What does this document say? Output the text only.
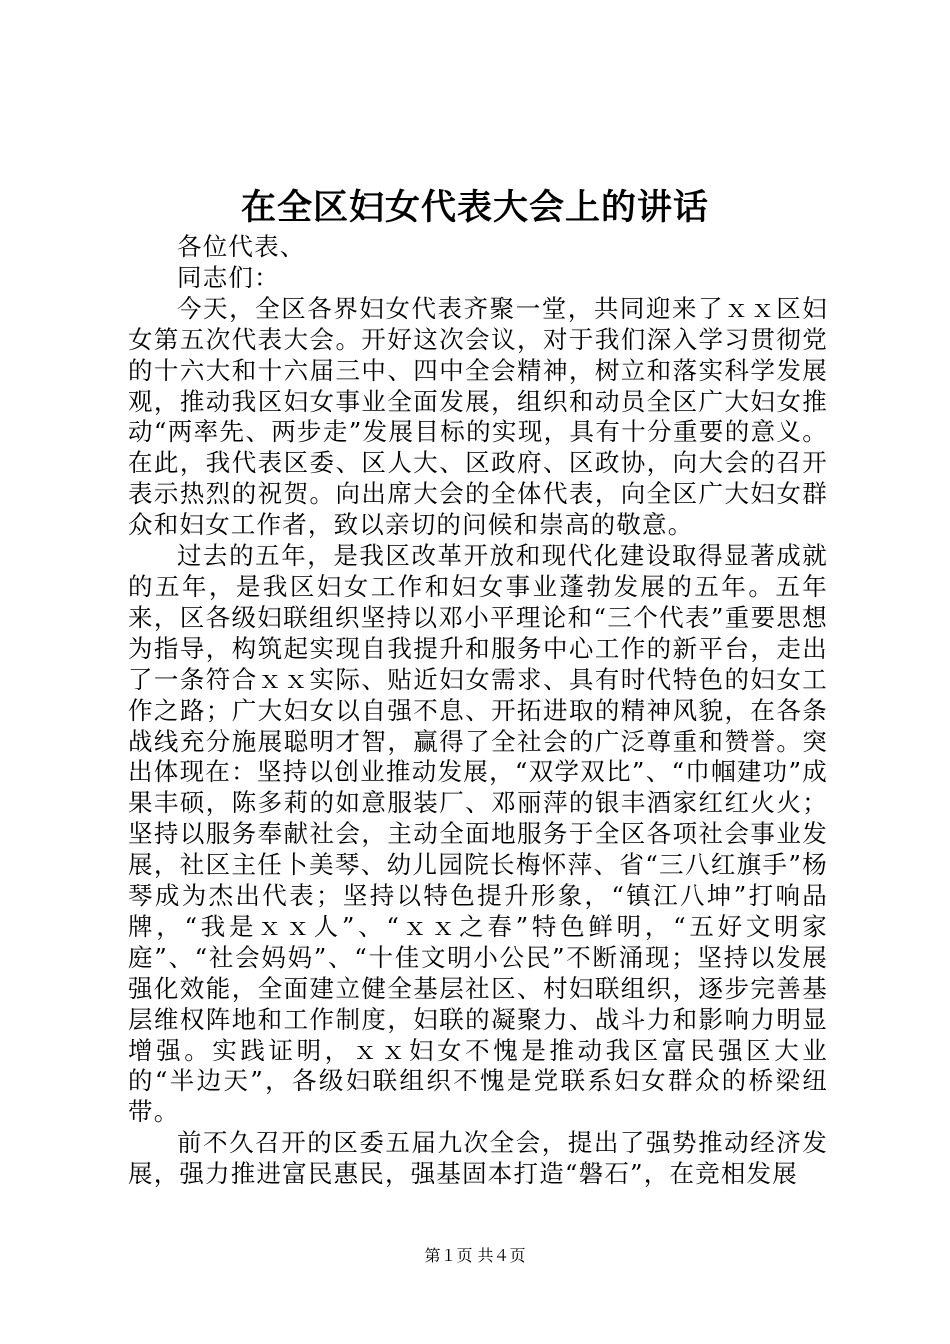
在全区妇女代表大会上的讲话

各位代表、

同志们：

今天，全区各界妇女代表齐聚一堂，共同迎来了ｘｘ区妇女第五次代表大会。开好这次会议，对于我们深入学习贯彻党的十六大和十六届三中、四中全会精神，树立和落实科学发展观，推动我区妇女事业全面发展，组织和动员全区广大妇女推动“两率先、两步走”发展目标的实现，具有十分重要的意义。在此，我代表区委、区人大、区政府、区政协，向大会的召开表示热烈的祝贺。向出席大会的全体代表，向全区广大妇女群众和妇女工作者，致以亲切的问候和崇高的敬意。

过去的五年，是我区改革开放和现代化建设取得显著成就的五年，是我区妇女工作和妇女事业蓬勃发展的五年。五年来，区各级妇联组织坚持以邓小平理论和“三个代表”重要思想为指导，构筑起实现自我提升和服务中心工作的新平台，走出了一条符合ｘｘ实际、贴近妇女需求、具有时代特色的妇女工作之路；广大妇女以自强不息、开拓进取的精神风貌，在各条战线充分施展聪明才智，赢得了全社会的广泛尊重和赞誉。突出体现在：坚持以创业推动发展，“双学双比”、“巾帼建功”成果丰硕，陈多莉的如意服装厂、邓丽萍的银丰酒家红红火火；坚持以服务奉献社会，主动全面地服务于全区各项社会事业发展，社区主任卜美琴、幼儿园院长梅怀萍、省“三八红旗手”杨琴成为杰出代表；坚持以特色提升形象，“镇江八坤”打响品牌，“我是ｘｘ人”、“ｘｘ之春”特色鲜明，“五好文明家庭”、“社会妈妈”、“十佳文明小公民”不断涌现；坚持以发展强化效能，全面建立健全基层社区、村妇联组织，逐步完善基层维权阵地和工作制度，妇联的凝聚力、战斗力和影响力明显增强。实践证明，ｘｘ妇女不愧是推动我区富民强区大业的“半边天”，各级妇联组织不愧是党联系妇女群众的桥梁纽带。

前不久召开的区委五届九次全会，提出了强势推动经济发展，强力推进富民惠民，强基固本打造“磐石”，在竞相发展

第１页 共４页
